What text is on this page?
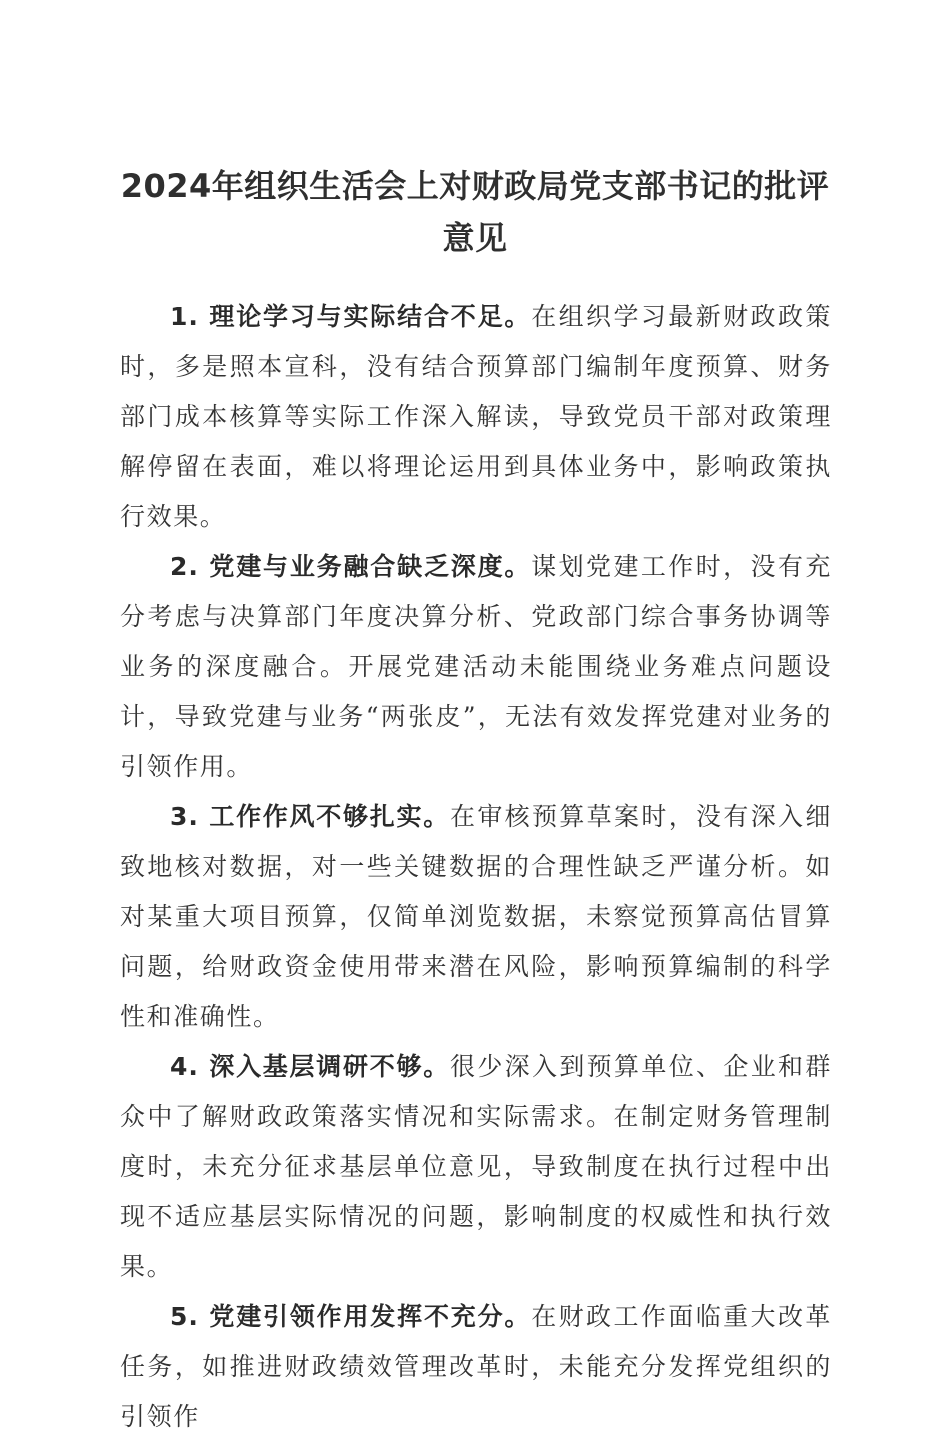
2024年组织生活会上对财政局党支部书记的批评意见

1. 理论学习与实际结合不足。在组织学习最新财政政策时，多是照本宣科，没有结合预算部门编制年度预算、财务部门成本核算等实际工作深入解读，导致党员干部对政策理解停留在表面，难以将理论运用到具体业务中，影响政策执行效果。

2. 党建与业务融合缺乏深度。谋划党建工作时，没有充分考虑与决算部门年度决算分析、党政部门综合事务协调等业务的深度融合。开展党建活动未能围绕业务难点问题设计，导致党建与业务“两张皮”，无法有效发挥党建对业务的引领作用。

3. 工作作风不够扎实。在审核预算草案时，没有深入细致地核对数据，对一些关键数据的合理性缺乏严谨分析。如对某重大项目预算，仅简单浏览数据，未察觉预算高估冒算问题，给财政资金使用带来潜在风险，影响预算编制的科学性和准确性。

4. 深入基层调研不够。很少深入到预算单位、企业和群众中了解财政政策落实情况和实际需求。在制定财务管理制度时，未充分征求基层单位意见，导致制度在执行过程中出现不适应基层实际情况的问题，影响制度的权威性和执行效果。

5. 党建引领作用发挥不充分。在财政工作面临重大改革任务，如推进财政绩效管理改革时，未能充分发挥党组织的引领作
